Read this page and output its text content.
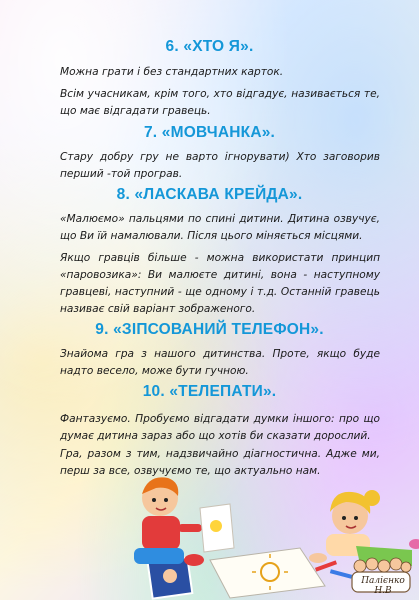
6. «ХТО Я».

Можна грати і без стандартних карток.

Всім учасникам, крім того, хто відгадує, називається те, що має відгадати гравець.

7. «МОВЧАНКА».

Стару добру гру не варто ігнорувати) Хто заговорив перший -той програв.

8. «ЛАСКАВА КРЕЙДА».

«Малюємо» пальцями по спині дитини. Дитина озвучує, що Ви їй намалювали. Після цього міняється місцями.

Якщо гравців більше - можна використати принцип «паровозика»: Ви малюєте дитині, вона - наступному гравцеві, наступний - ще одному і т.д. Останній гравець називає свій варіант зображеного.

9. «ЗІПСОВАНИЙ ТЕЛЕФОН».

Знайома гра з нашого дитинства. Проте, якщо буде надто весело, може бути гучною.

10. «ТЕЛЕПАТИ».

Фантазуємо. Пробуємо відгадати думки іншого: про що думає дитина зараз або що хотів би сказати дорослий.

Гра, разом з тим, надзвичайно діагностична. Адже ми, перш за все, озвучуємо те, що актуально нам.

Палієнко Н.В
